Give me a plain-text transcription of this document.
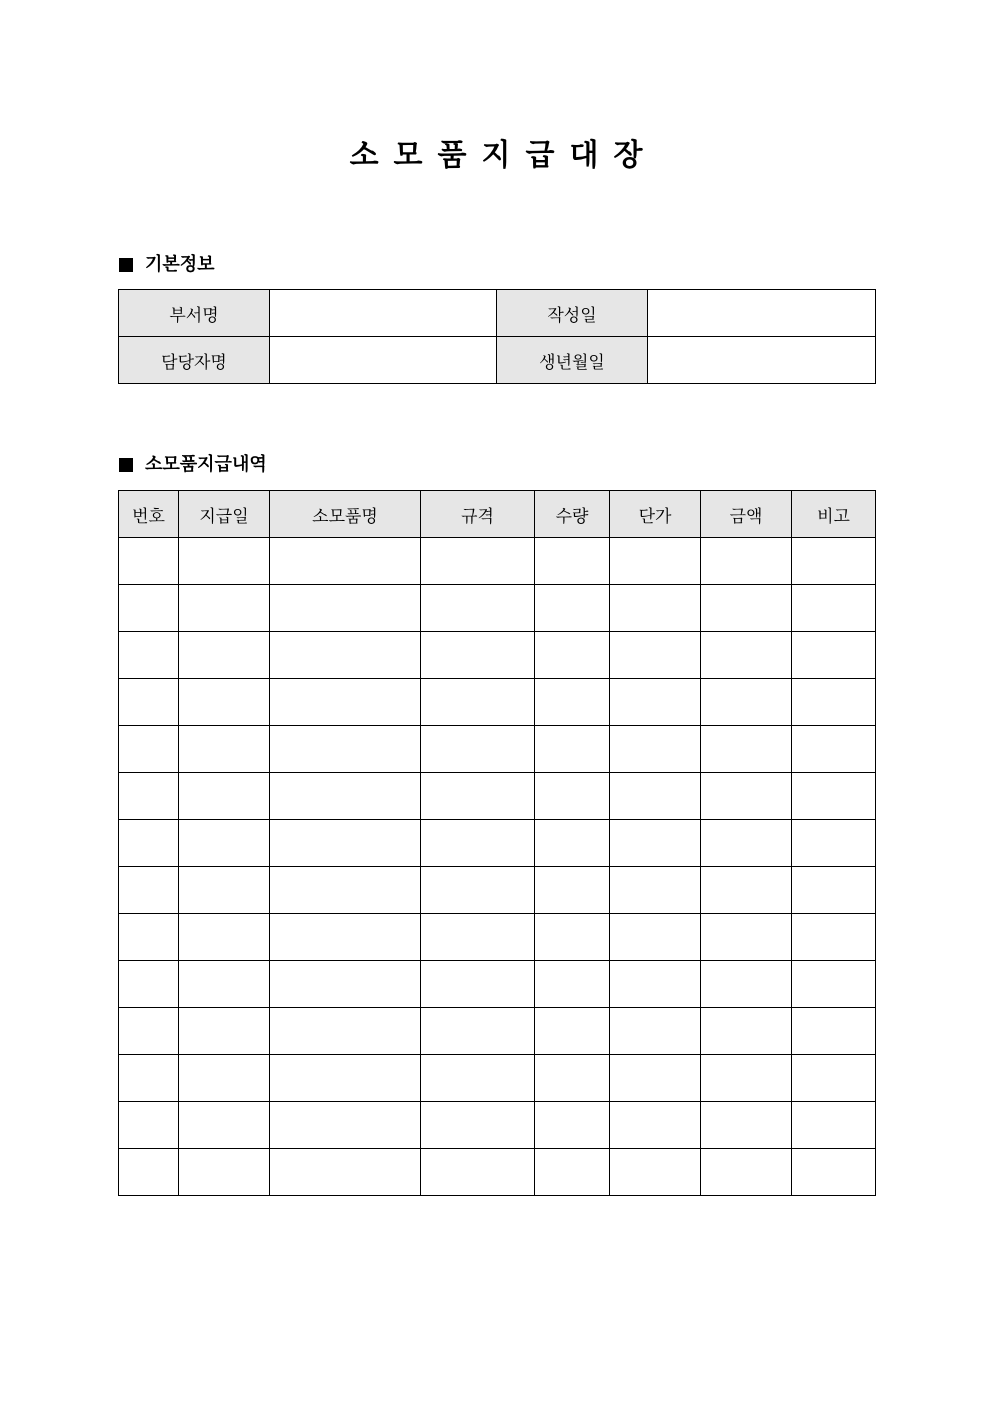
소모품지급대장
기본정보
부서명		작성일	
담당자명		생년월일	
소모품지급내역
번호	지급일	소모품명	규격	수량	단가	금액	비고
